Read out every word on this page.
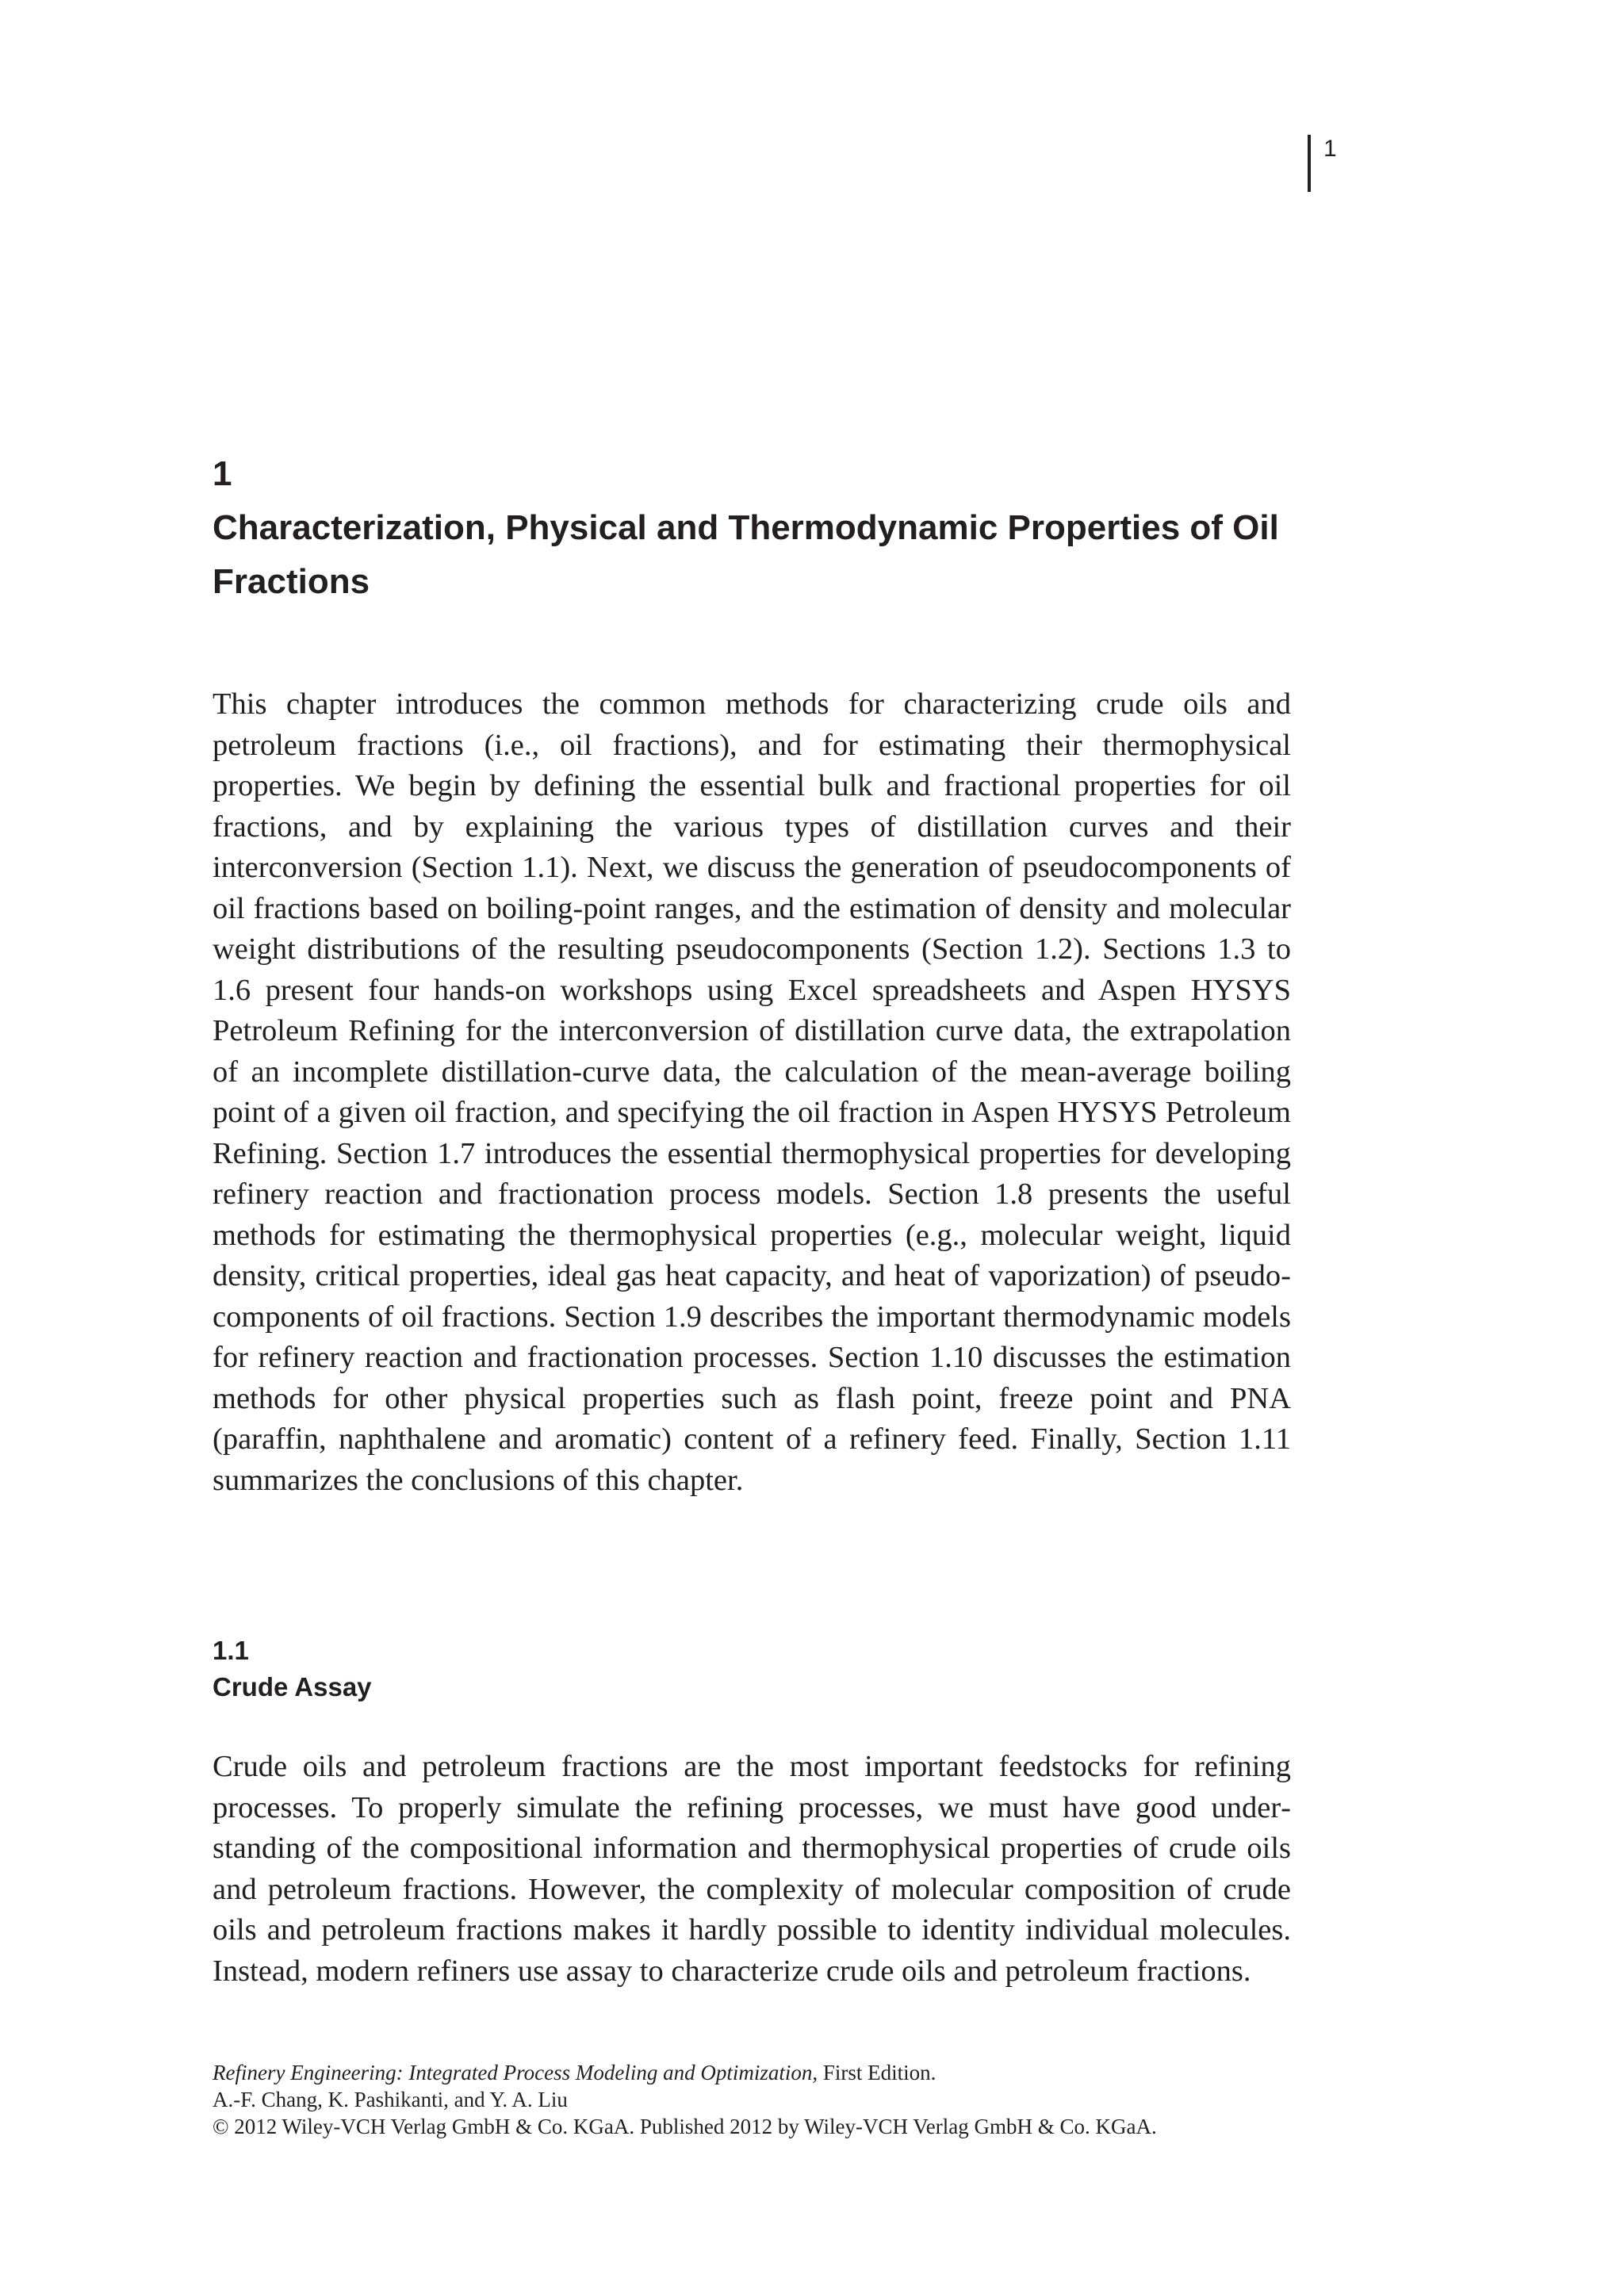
1
1
Characterization, Physical and Thermodynamic Properties of Oil Fractions

This chapter introduces the common methods for characterizing crude oils and petroleum fractions (i.e., oil fractions), and for estimating their thermophysical properties. We begin by defining the essential bulk and fractional properties for oil fractions, and by explaining the various types of distillation curves and their interconversion (Section 1.1). Next, we discuss the generation of pseudocomponents of oil fractions based on boiling-point ranges, and the estimation of density and molecular weight distributions of the resulting pseudocomponents (Section 1.2). Sections 1.3 to 1.6 present four hands-on workshops using Excel spreadsheets and Aspen HYSYS Petroleum Refining for the interconversion of distillation curve data, the extrapolation of an incomplete distillation-curve data, the calculation of the mean-average boiling point of a given oil fraction, and specifying the oil fraction in Aspen HYSYS Petroleum Refining. Section 1.7 introduces the essential thermophysical properties for developing refinery reaction and fractionation process models. Section 1.8 presents the useful methods for estimating the thermophysical properties (e.g., molecular weight, liquid density, critical properties, ideal gas heat capacity, and heat of vaporization) of pseudocomponents of oil fractions. Section 1.9 describes the important thermodynamic models for refinery reaction and fractionation processes. Section 1.10 discusses the estimation methods for other physical properties such as flash point, freeze point and PNA (paraffin, naphthalene and aromatic) content of a refinery feed. Finally, Section 1.11 summarizes the conclusions of this chapter.

1.1
Crude Assay

Crude oils and petroleum fractions are the most important feedstocks for refining processes. To properly simulate the refining processes, we must have good understanding of the compositional information and thermophysical properties of crude oils and petroleum fractions. However, the complexity of molecular composition of crude oils and petroleum fractions makes it hardly possible to identity individual molecules. Instead, modern refiners use assay to characterize crude oils and petroleum fractions.

Refinery Engineering: Integrated Process Modeling and Optimization, First Edition.
A.-F. Chang, K. Pashikanti, and Y. A. Liu
© 2012 Wiley-VCH Verlag GmbH & Co. KGaA. Published 2012 by Wiley-VCH Verlag GmbH & Co. KGaA.
